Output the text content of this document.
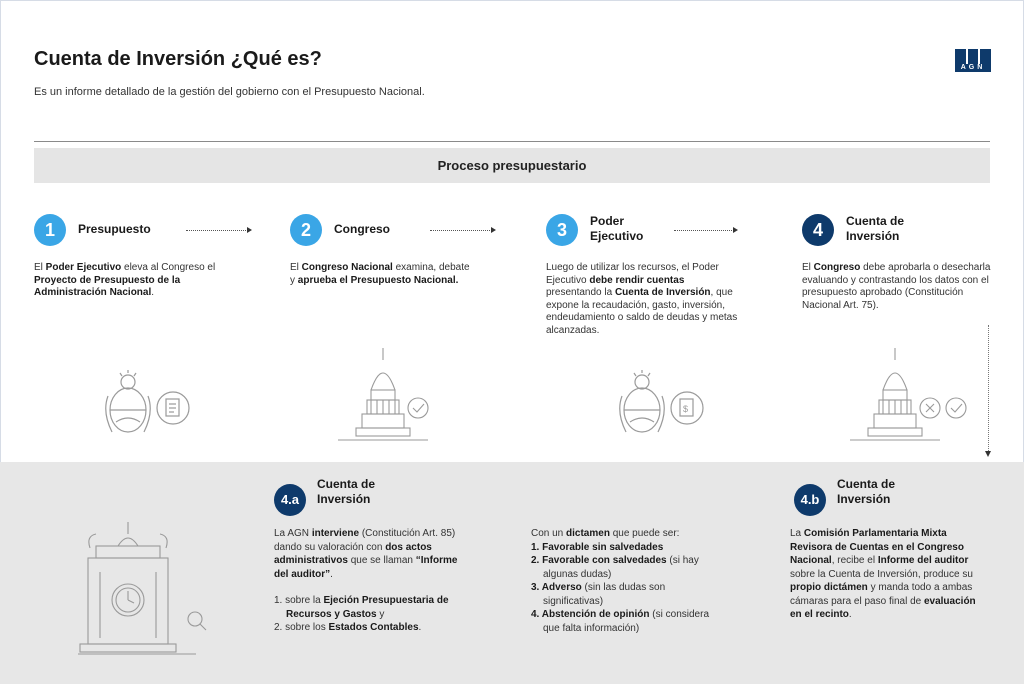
Cuenta de Inversión ¿Qué es?

Es un informe detallado de la gestión del gobierno con el Presupuesto Nacional.

AGN
Proceso presupuestario
1	Presupuesto
El Poder Ejecutivo eleva al Congreso el Proyecto de Presupuesto de la Administración Nacional.
2	Congreso
El Congreso Nacional examina, debate y aprueba el Presupuesto Nacional.
3	Poder
Ejecutivo
Luego de utilizar los recursos, el Poder Ejecutivo debe rendir cuentas presentando la Cuenta de Inversión, que expone la recaudación, gasto, inversión, endeudamiento o saldo de deudas y metas alcanzadas.
4	Cuenta de
Inversión
El Congreso debe aprobarla o desecharla evaluando y contrastando los datos con el presupuesto aprobado (Constitución Nacional Art. 75).
$
4.a
Cuenta de
Inversión
La AGN interviene (Constitución Art. 85) dando su valoración con dos actos administrativos que se llaman “Informe del auditor”.
1. sobre la Ejeción Presupuestaria de Recursos y Gastos y
2. sobre los Estados Contables.
Con un dictamen que puede ser:
1. Favorable sin salvedades
2. Favorable con salvedades (si hay algunas dudas)
3. Adverso (sin las dudas son significativas)
4. Abstención de opinión (si considera que falta información)
4.b
Cuenta de
Inversión
La Comisión Parlamentaria Mixta Revisora de Cuentas en el Congreso Nacional, recibe el Informe del auditor sobre la Cuenta de Inversión, produce su propio dictámen y manda todo a ambas cámaras para el paso final de evaluación en el recinto.
